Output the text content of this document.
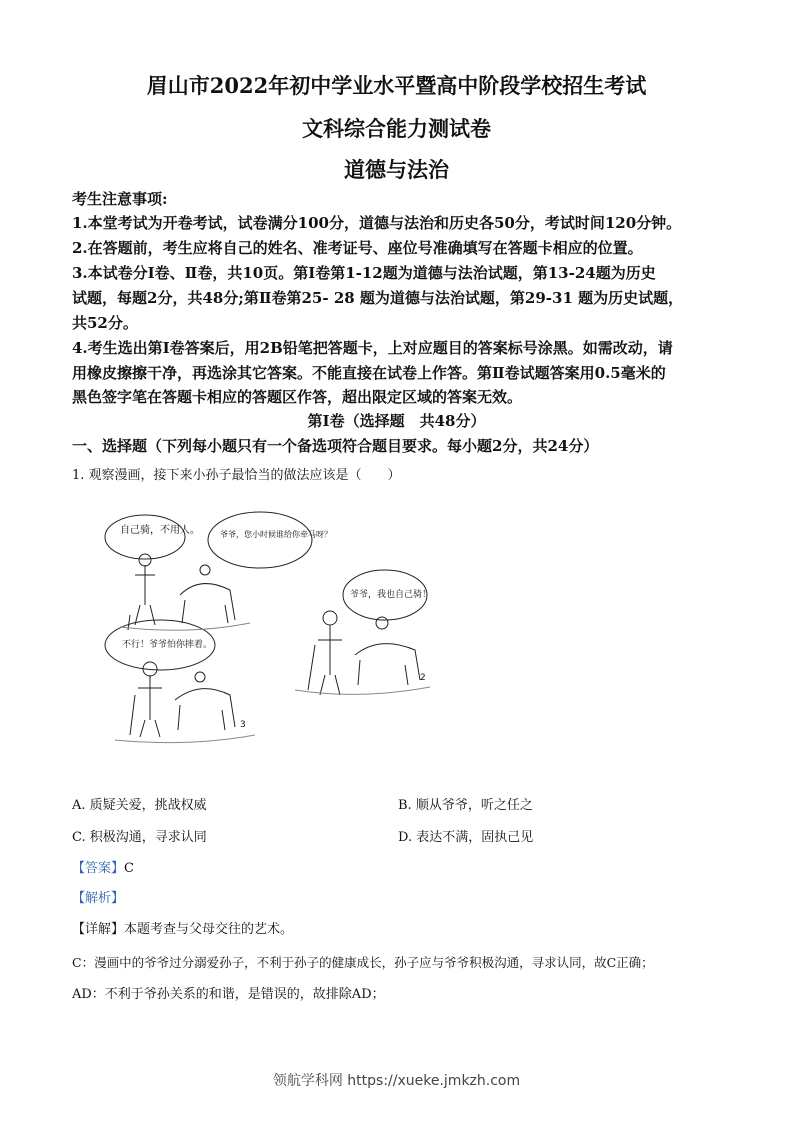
眉山市2022年初中学业水平暨高中阶段学校招生考试
文科综合能力测试卷
道德与法治
考生注意事项:
1.本堂考试为开卷考试，试卷满分100分，道德与法治和历史各50分，考试时间120分钟。
2.在答题前，考生应将自己的姓名、准考证号、座位号准确填写在答题卡相应的位置。
3.本试卷分Ⅰ卷、Ⅱ卷，共10页。第Ⅰ卷第1-12题为道德与法治试题，第13-24题为历史
试题，每题2分，共48分;第Ⅱ卷第25- 28 题为道德与法治试题，第29-31 题为历史试题，
共52分。
4.考生选出第Ⅰ卷答案后，用2B铅笔把答题卡，上对应题目的答案标号涂黑。如需改动，请
用橡皮擦擦干净，再选涂其它答案。不能直接在试卷上作答。第Ⅱ卷试题答案用0.5毫米的
黑色签字笔在答题卡相应的答题区作答，超出限定区域的答案无效。
第Ⅰ卷（选择题　共48分）
一、选择题（下列每小题只有一个备选项符合题目要求。每小题2分，共24分）
1. 观察漫画，接下来小孙子最恰当的做法应该是（　　）
自己骑，不用人。	爷爷，您小时候谁给你牵马呀？
爷爷，我也自己骑！
不行！爷爷怕你摔着。
2
3
A. 质疑关爱，挑战权威	B. 顺从爷爷，听之任之
C. 积极沟通，寻求认同	D. 表达不满，固执己见
【答案】C
【解析】
【详解】本题考查与父母交往的艺术。
C：漫画中的爷爷过分溺爱孙子，不利于孙子的健康成长，孙子应与爷爷积极沟通，寻求认同，故C正确；
AD：不利于爷孙关系的和谐，是错误的，故排除AD；
领航学科网 https://xueke.jmkzh.com
